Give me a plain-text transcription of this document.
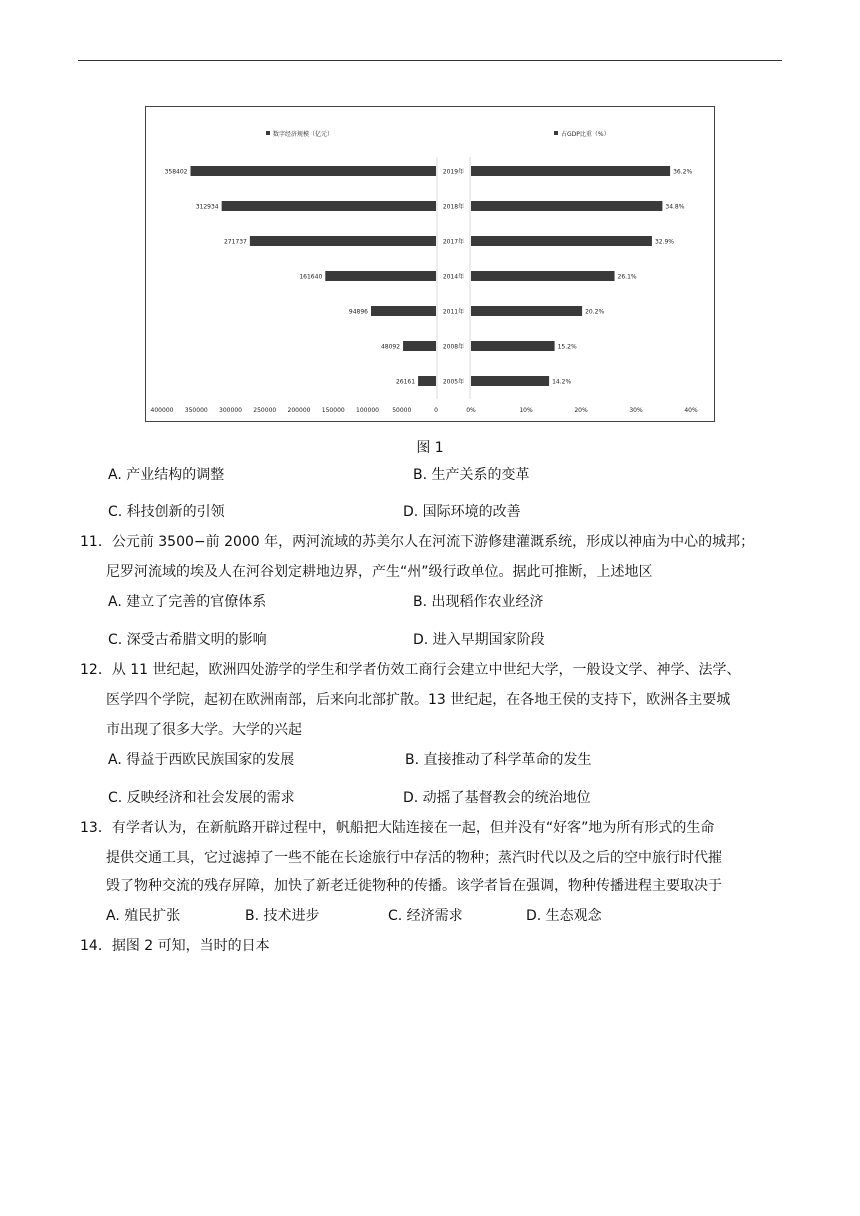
数字经济规模（亿元）	占GDP比重（%）
358402	2019年	36.2%
312934	2018年	34.8%
271737	2017年	32.9%
161640	2014年	26.1%
94896	2011年	20.2%
48092	2008年	15.2%
26161	2005年	14.2%
400000 350000 300000 250000 200000 150000 100000 50000	0	0%	10%	20%	30%	40%
图 1
A. 产业结构的调整	B. 生产关系的变革
C. 科技创新的引领	D. 国际环境的改善
11．公元前 3500−前 2000 年，两河流域的苏美尔人在河流下游修建灌溉系统，形成以神庙为中心的城邦；
尼罗河流域的埃及人在河谷划定耕地边界，产生“州”级行政单位。据此可推断，上述地区
A. 建立了完善的官僚体系	B. 出现稻作农业经济
C. 深受古希腊文明的影响	D. 进入早期国家阶段
12．从 11 世纪起，欧洲四处游学的学生和学者仿效工商行会建立中世纪大学，一般设文学、神学、法学、
医学四个学院，起初在欧洲南部，后来向北部扩散。13 世纪起，在各地王侯的支持下，欧洲各主要城
市出现了很多大学。大学的兴起
A. 得益于西欧民族国家的发展	B. 直接推动了科学革命的发生
C. 反映经济和社会发展的需求	D. 动摇了基督教会的统治地位
13．有学者认为，在新航路开辟过程中，帆船把大陆连接在一起，但并没有“好客”地为所有形式的生命
提供交通工具，它过滤掉了一些不能在长途旅行中存活的物种；蒸汽时代以及之后的空中旅行时代摧
毁了物种交流的残存屏障，加快了新老迁徙物种的传播。该学者旨在强调，物种传播进程主要取决于
A. 殖民扩张	B. 技术进步	C. 经济需求	D. 生态观念
14．据图 2 可知，当时的日本
